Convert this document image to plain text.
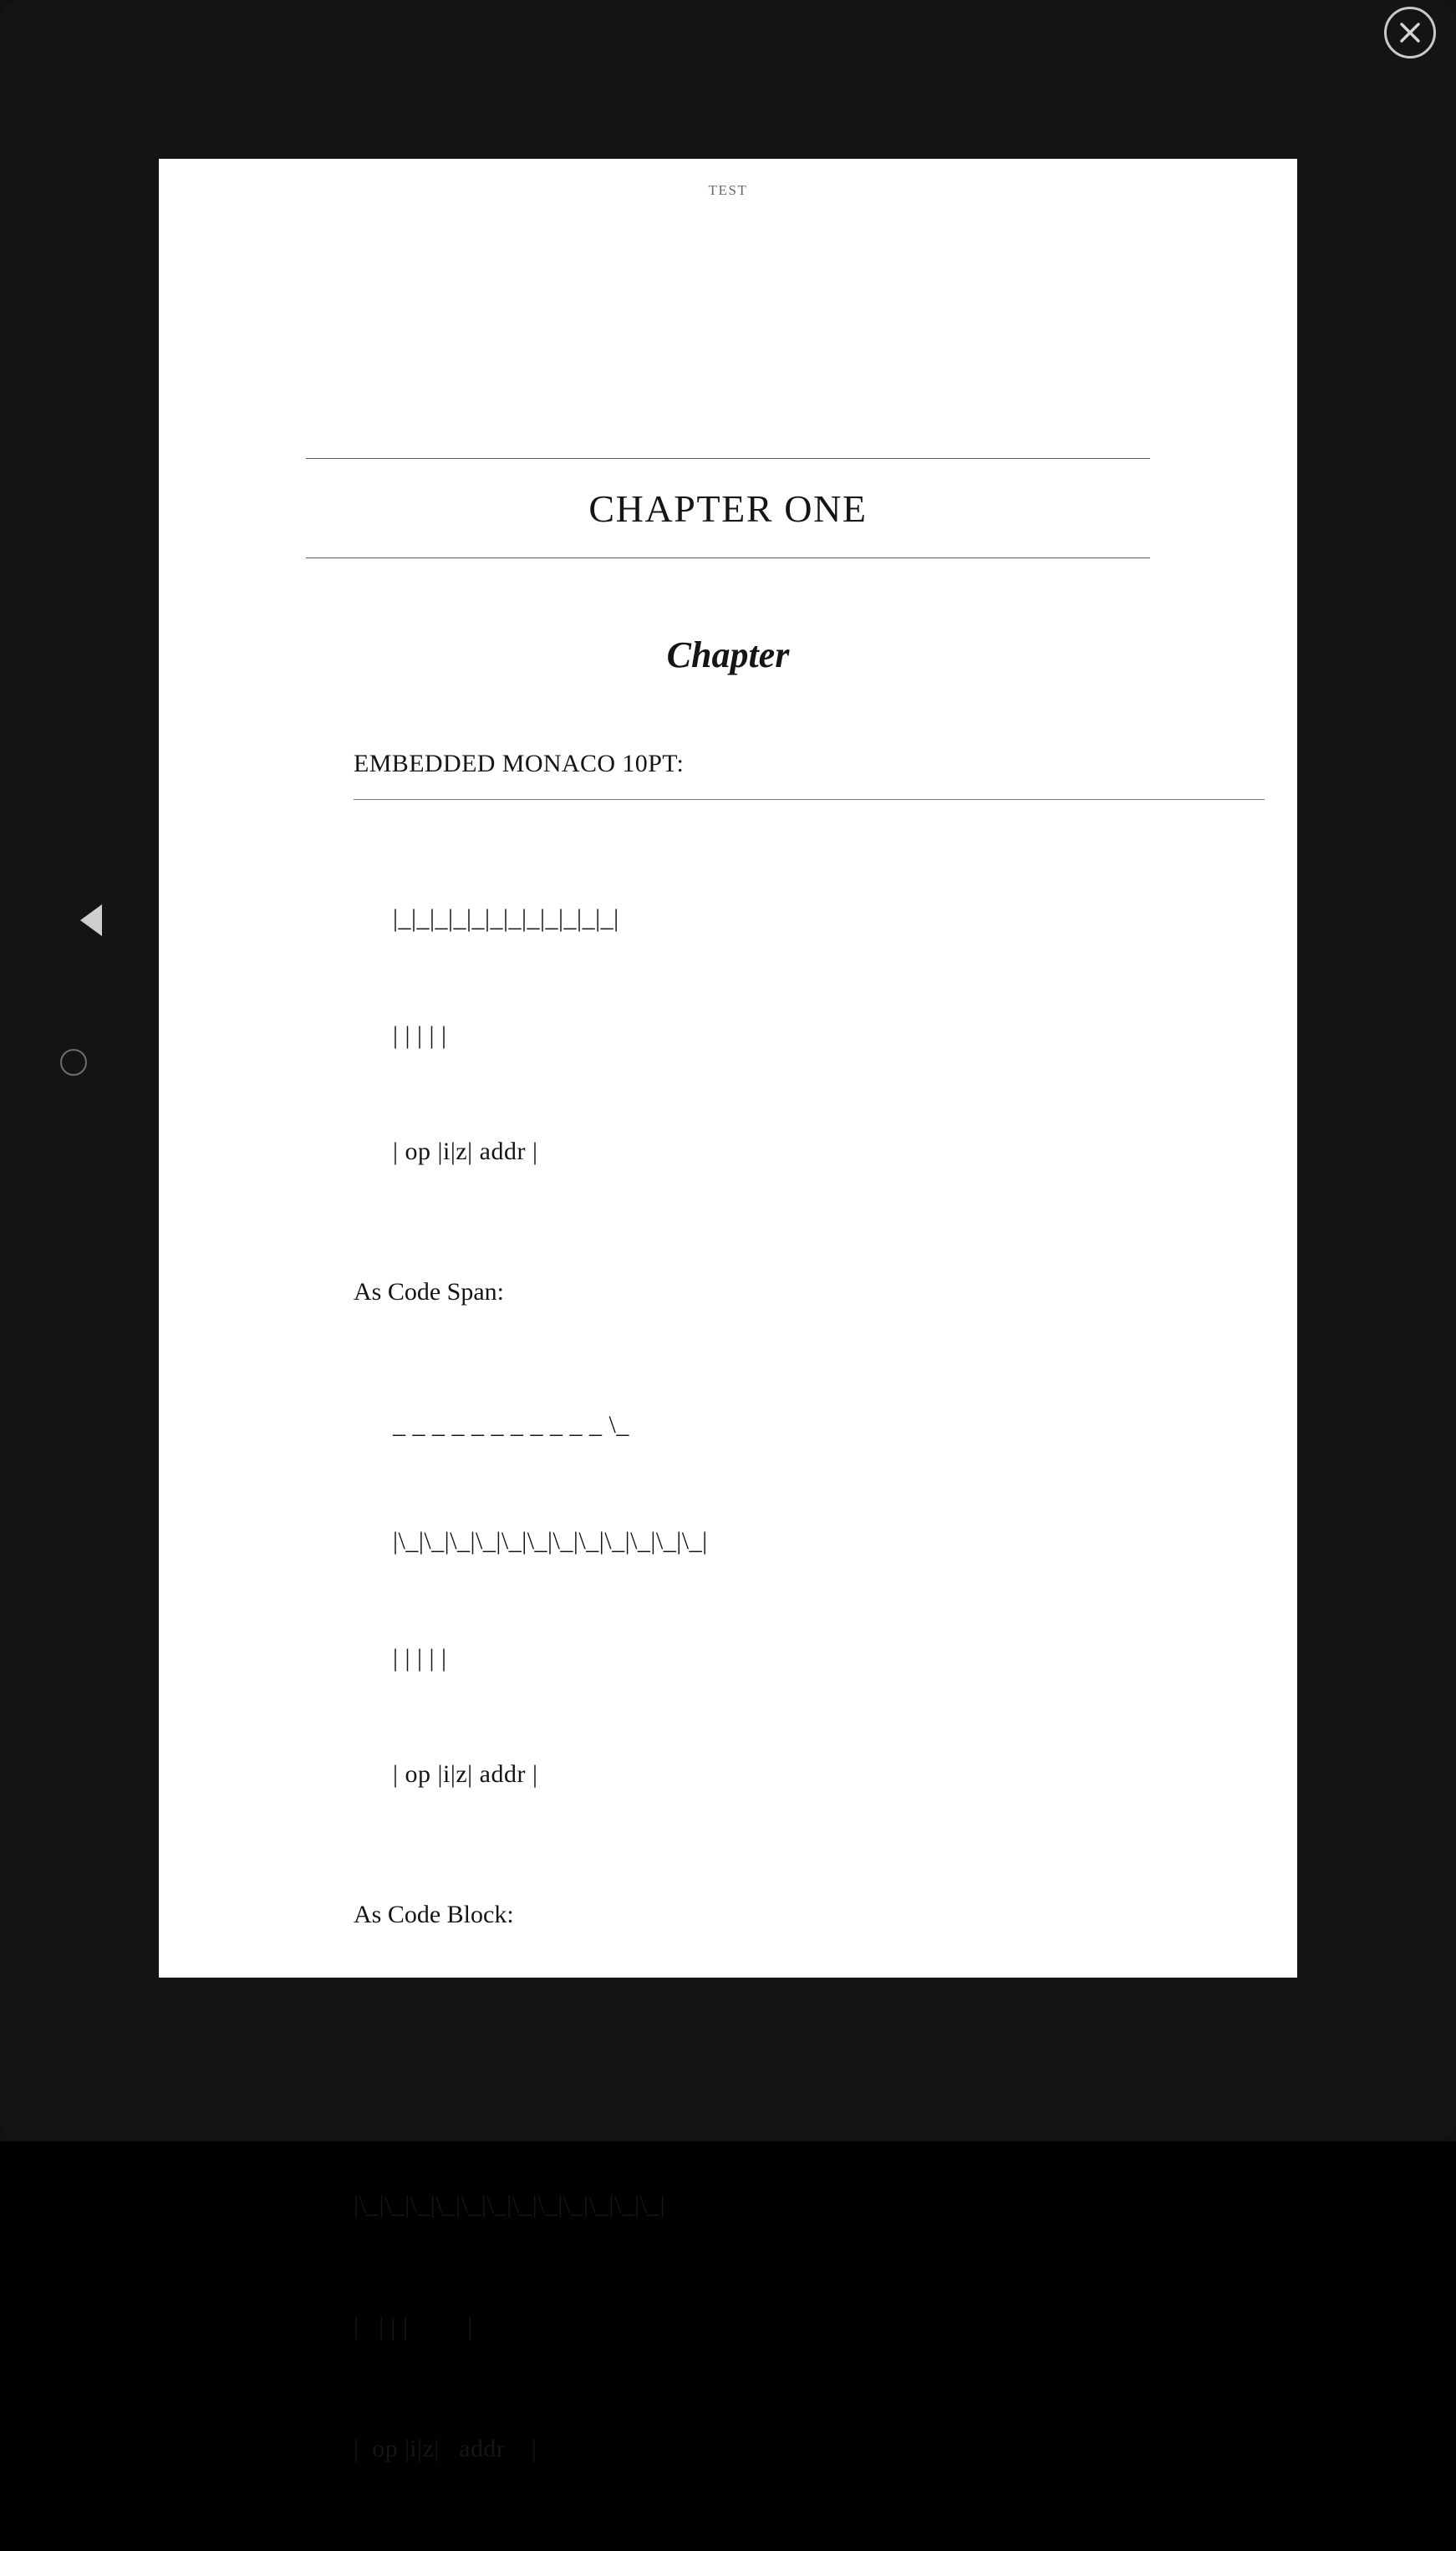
TEST
CHAPTER ONE
Chapter
EMBEDDED MONACO 10PT:

|_|_|_|_|_|_|_|_|_|_|_|_|

| | | | |

| op |i|z| addr |

As Code Span:

_ _ _ _ _ _ _ _ _ _ _ \_

|\_|\_|\_|\_|\_|\_|\_|\_|\_|\_|\_|\_|

| | | | |

| op |i|z| addr |

As Code Block:

_ _ _ _ _ _ _ _ _ _ _ _

|\_|\_|\_|\_|\_|\_|\_|\_|\_|\_|\_|\_|

|   | | |         |

|  op |i|z|   addr    |
